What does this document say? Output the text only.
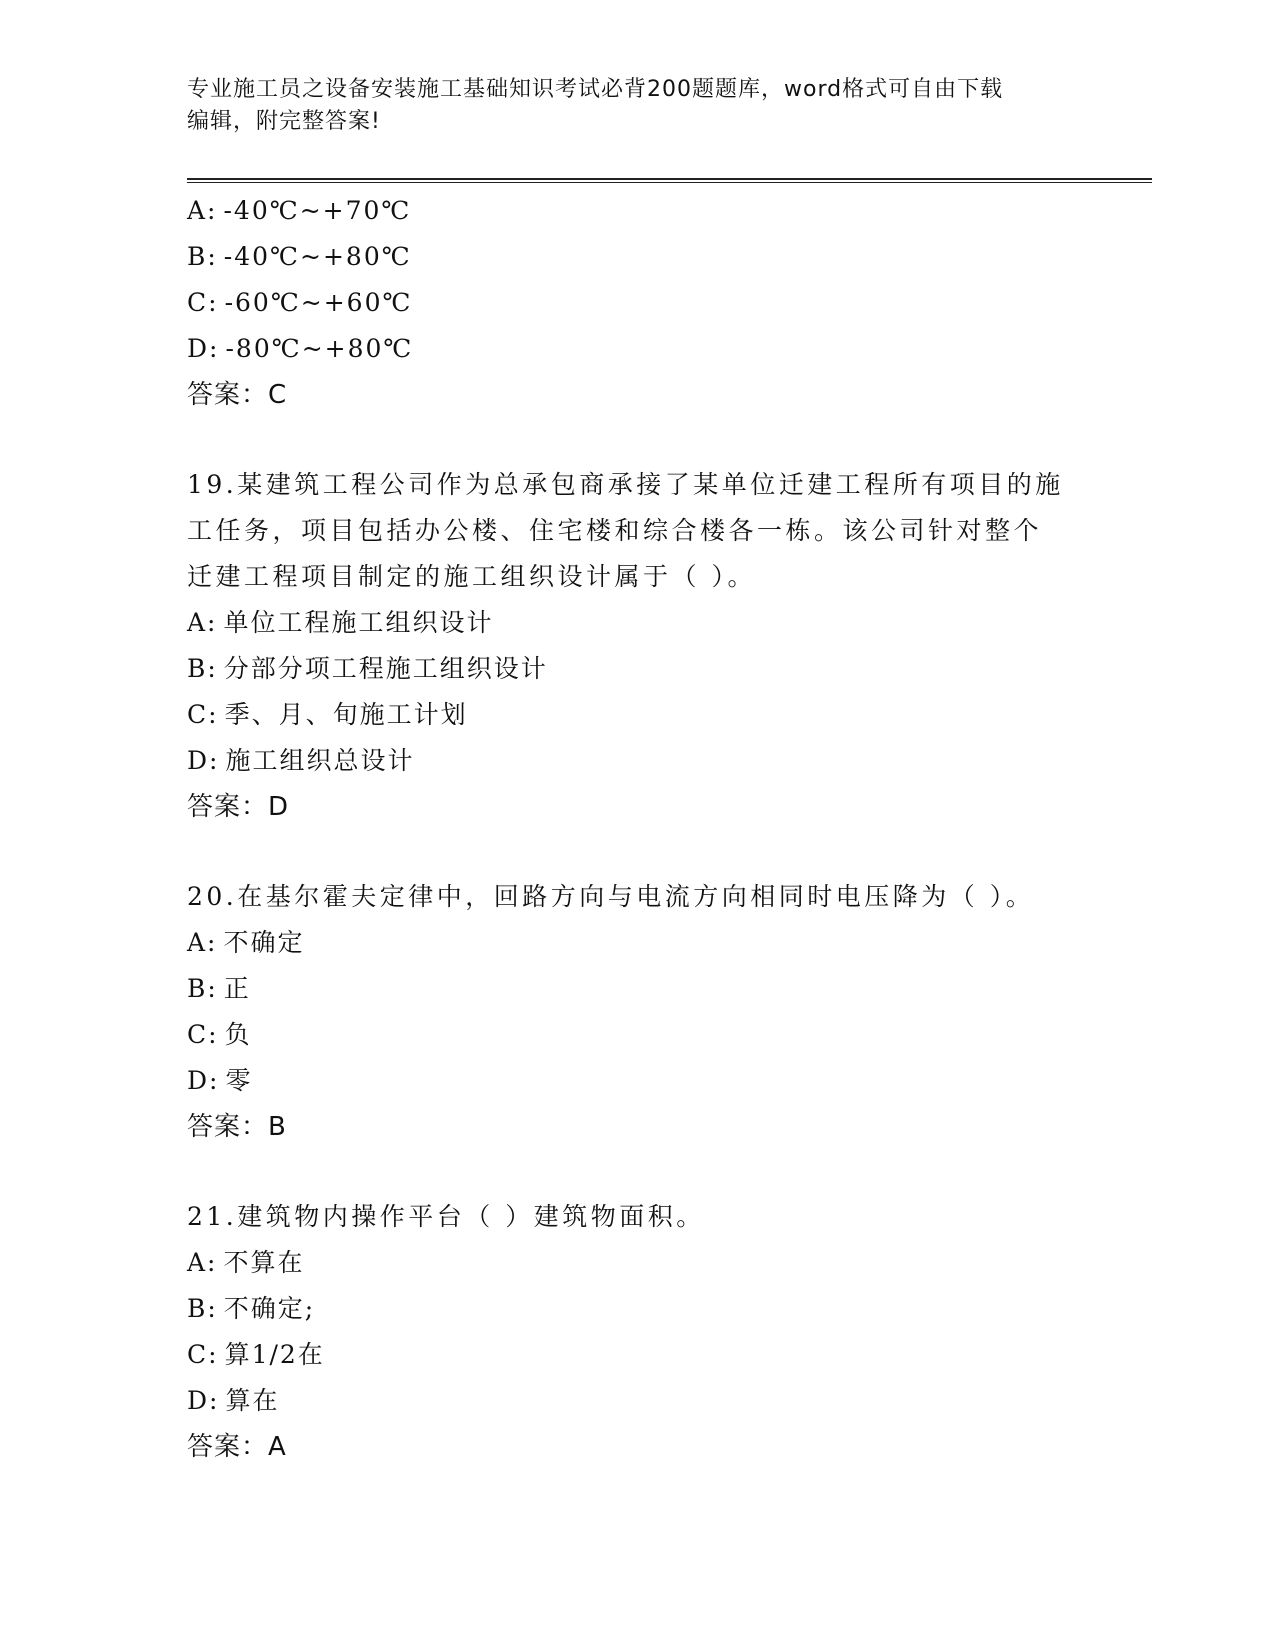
专业施工员之设备安装施工基础知识考试必背200题题库，word格式可自由下载
编辑，附完整答案!
A: -40℃~+70℃
B: -40℃~+80℃
C: -60℃~+60℃
D: -80℃~+80℃
答案：C
19.某建筑工程公司作为总承包商承接了某单位迁建工程所有项目的施
工任务，项目包括办公楼、住宅楼和综合楼各一栋。该公司针对整个
迁建工程项目制定的施工组织设计属于（ ）。
A: 单位工程施工组织设计
B: 分部分项工程施工组织设计
C: 季、月、旬施工计划
D: 施工组织总设计
答案：D
20.在基尔霍夫定律中，回路方向与电流方向相同时电压降为（ ）。
A: 不确定
B: 正
C: 负
D: 零
答案：B
21.建筑物内操作平台（ ）建筑物面积。
A: 不算在
B: 不确定;
C: 算1/2在
D: 算在
答案：A
